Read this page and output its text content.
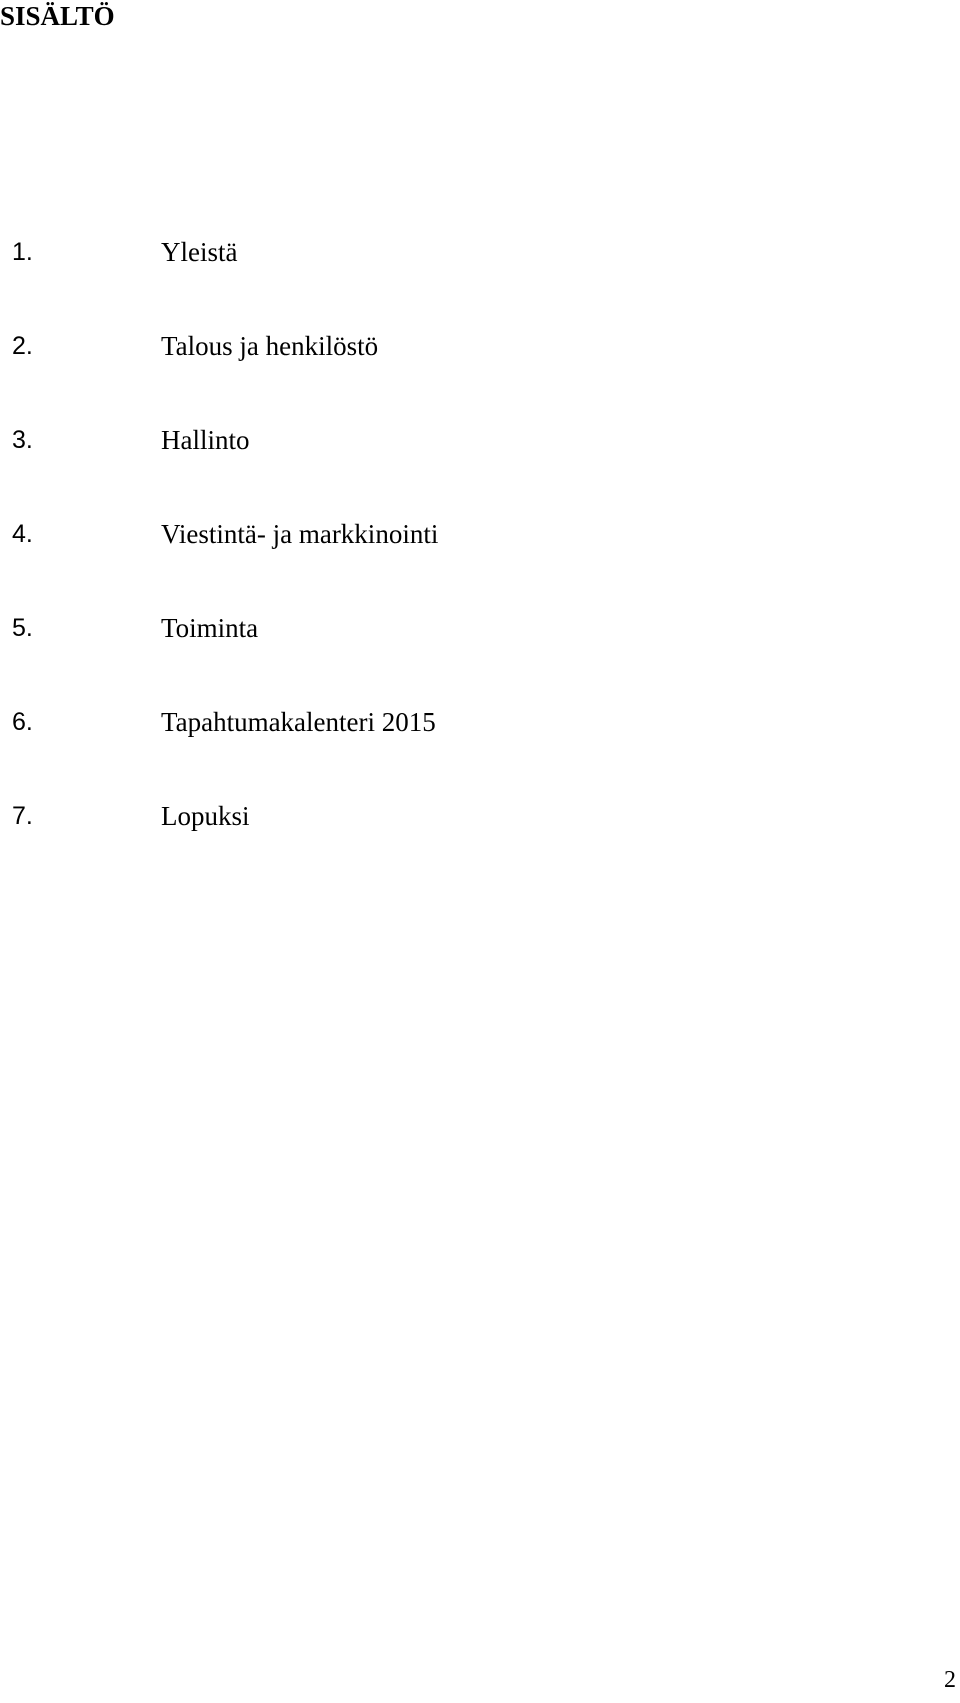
SISÄLTÖ
1.	Yleistä
2.	Talous ja henkilöstö
3.	Hallinto
4.	Viestintä- ja markkinointi
5.	Toiminta
6.	Tapahtumakalenteri 2015
7.	Lopuksi
2
